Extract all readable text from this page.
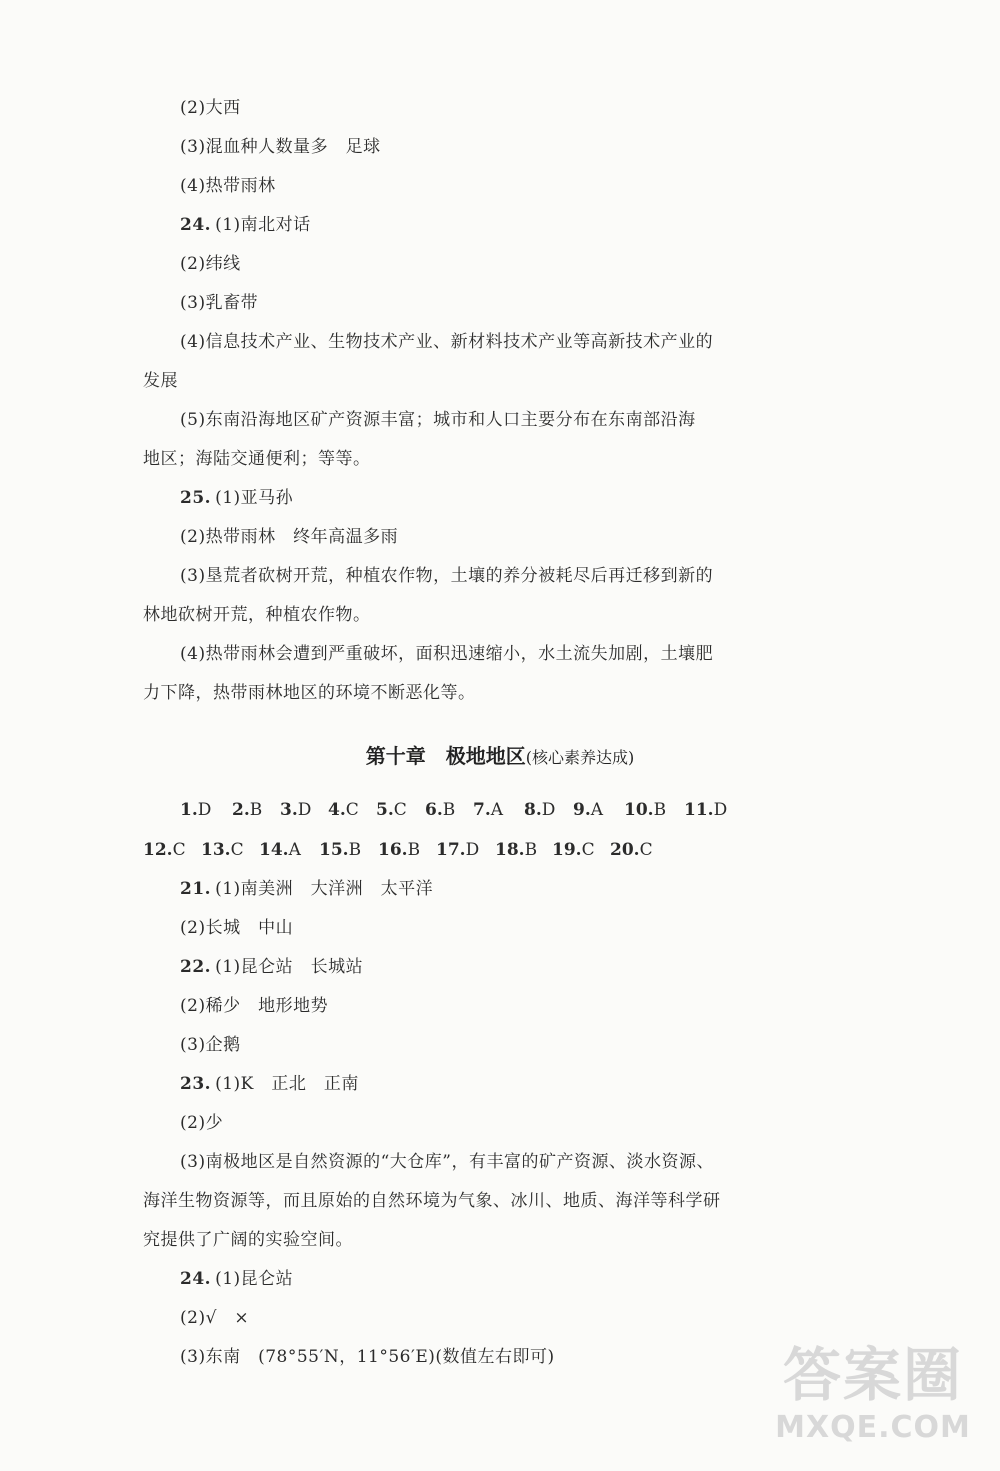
(2)大西
(3)混血种人数量多　足球
(4)热带雨林
24. (1)南北对话
(2)纬线
(3)乳畜带
(4)信息技术产业、生物技术产业、新材料技术产业等高新技术产业的
发展
(5)东南沿海地区矿产资源丰富；城市和人口主要分布在东南部沿海
地区；海陆交通便利；等等。
25. (1)亚马孙
(2)热带雨林　终年高温多雨
(3)垦荒者砍树开荒，种植农作物，土壤的养分被耗尽后再迁移到新的
林地砍树开荒，种植农作物。
(4)热带雨林会遭到严重破坏，面积迅速缩小，水土流失加剧，土壤肥
力下降，热带雨林地区的环境不断恶化等。
第十章　极地地区(核心素养达成)
1.D 2.B 3.D 4.C 5.C 6.B 7.A 8.D 9.A 10.B 11.D
12.C 13.C 14.A 15.B 16.B 17.D 18.B 19.C 20.C
21. (1)南美洲　大洋洲　太平洋
(2)长城　中山
22. (1)昆仑站　长城站
(2)稀少　地形地势
(3)企鹅
23. (1)K　正北　正南
(2)少
(3)南极地区是自然资源的“大仓库”，有丰富的矿产资源、淡水资源、
海洋生物资源等，而且原始的自然环境为气象、冰川、地质、海洋等科学研
究提供了广阔的实验空间。
24. (1)昆仑站
(2)√　×
(3)东南　(78°55′N，11°56′E)(数值左右即可)	答案圈
MXQE.COM
